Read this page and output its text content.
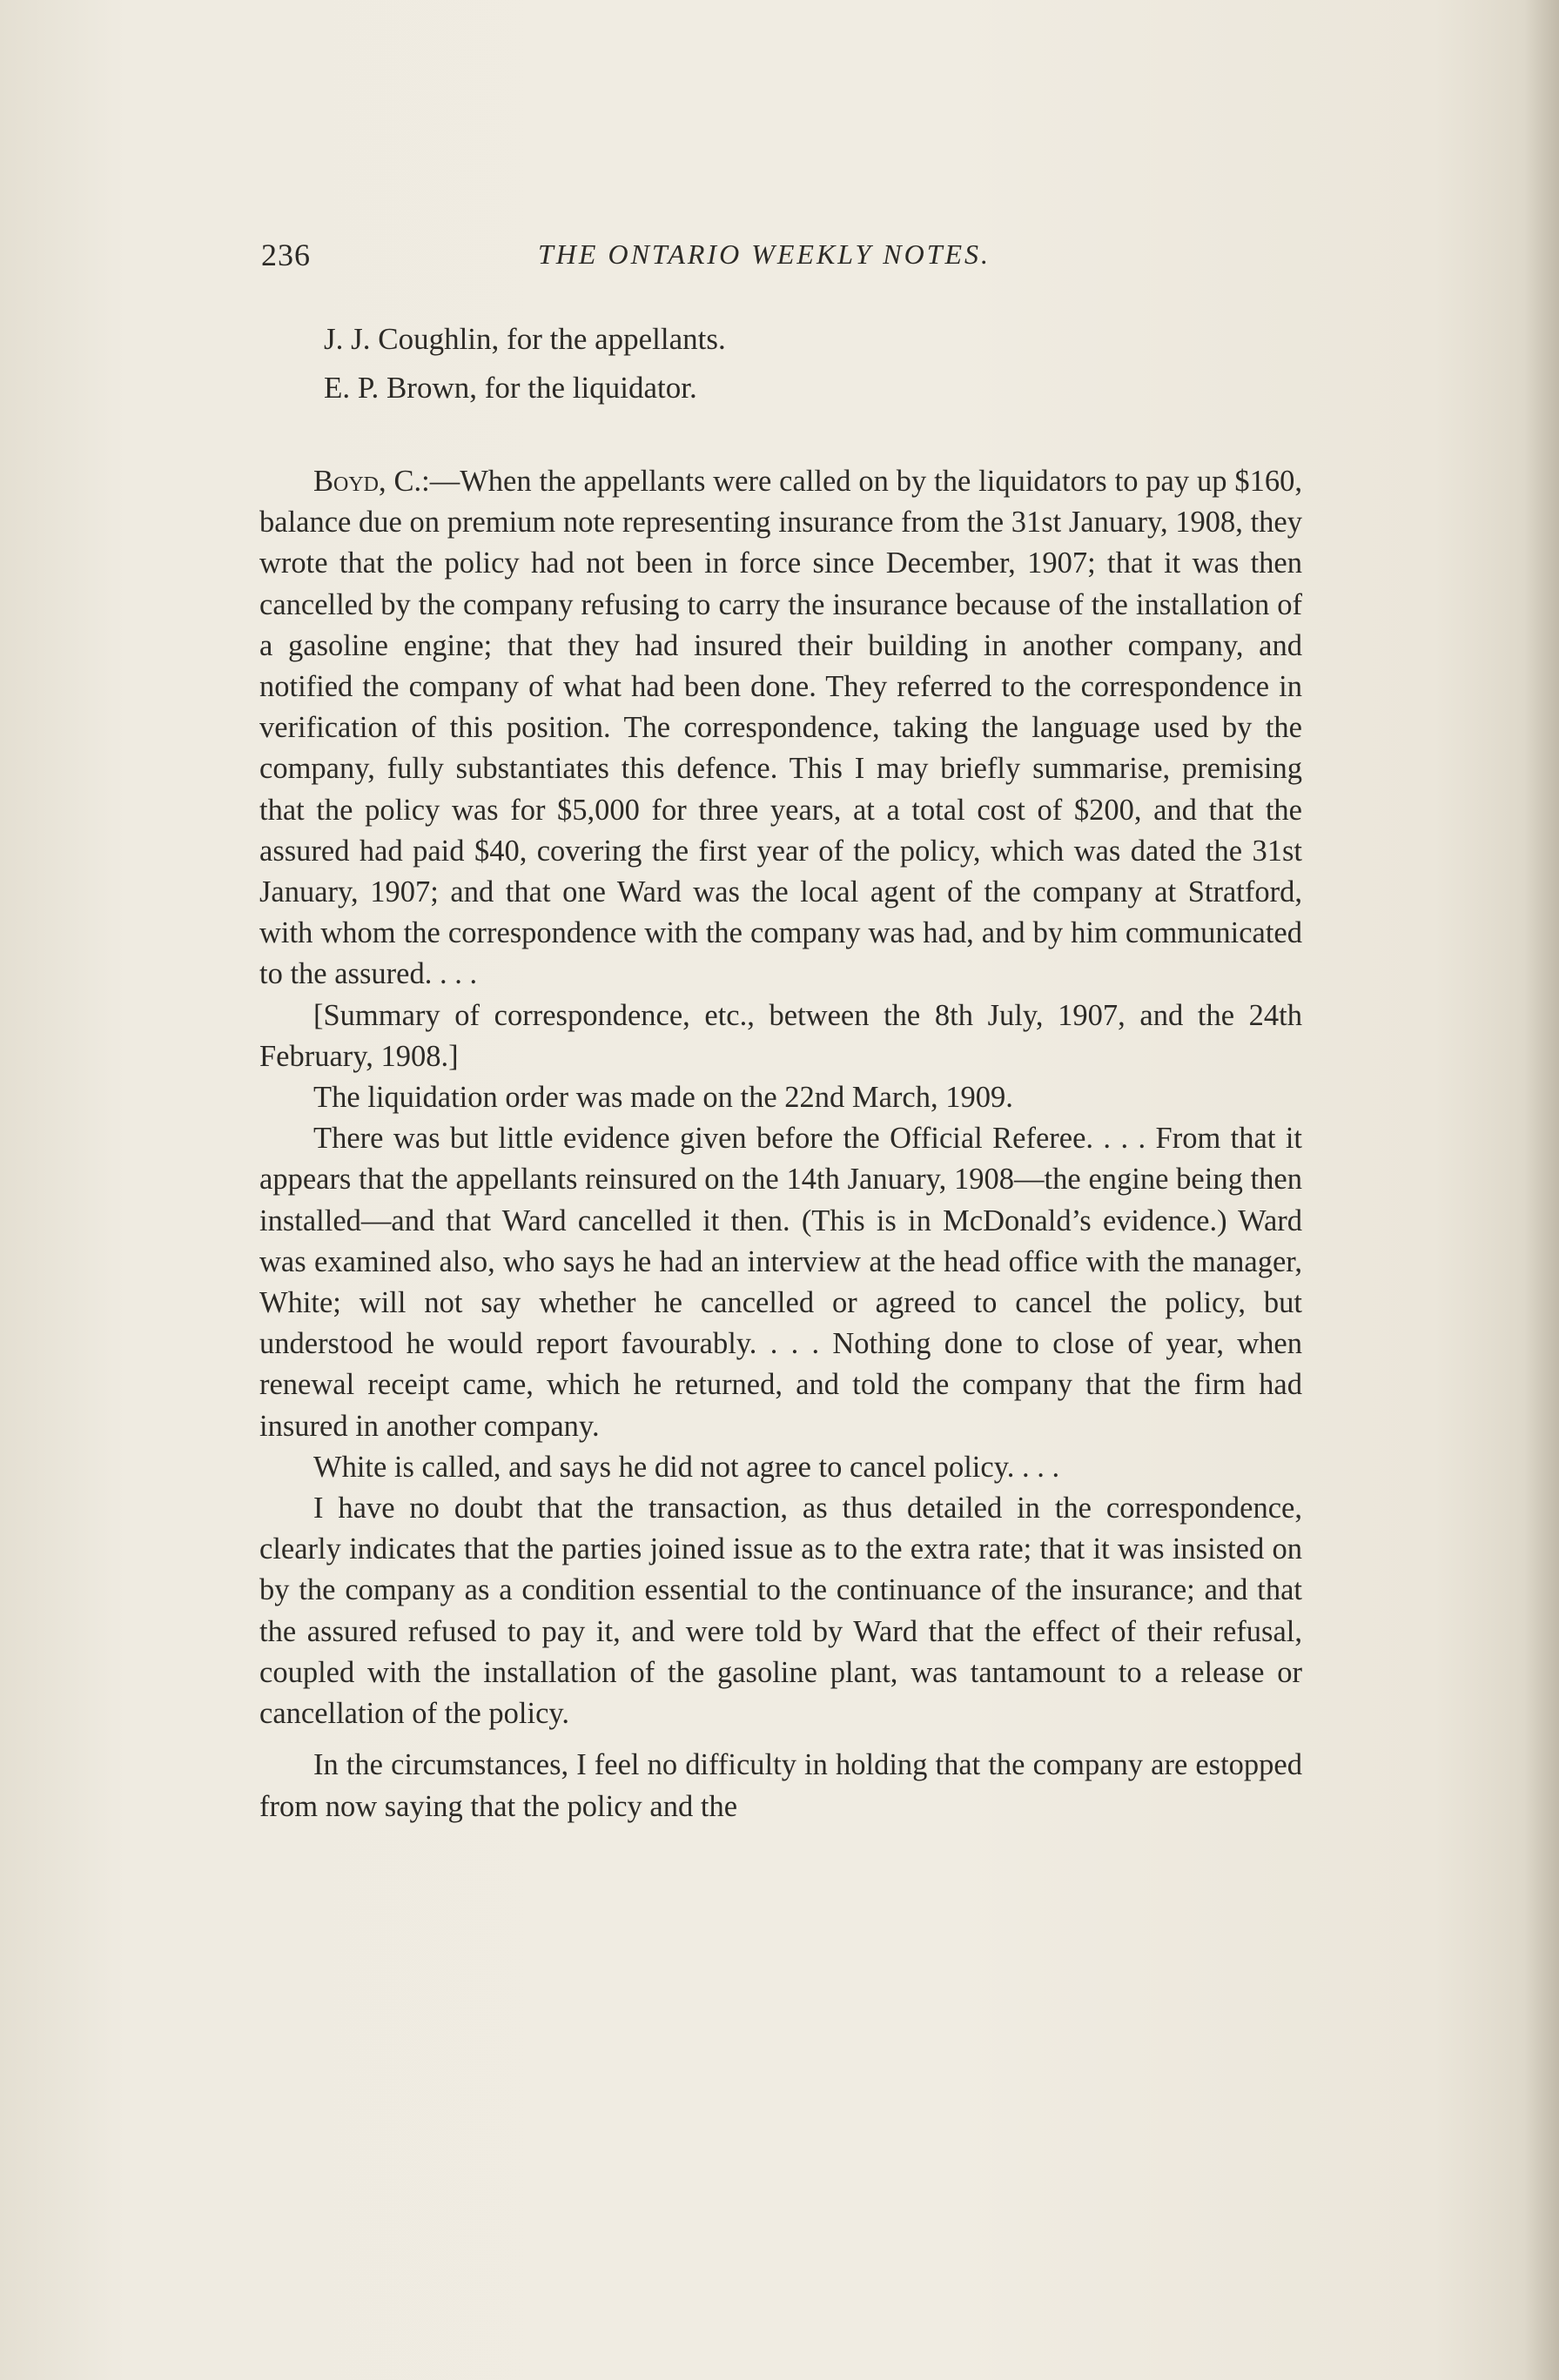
236	THE ONTARIO WEEKLY NOTES.
J. J. Coughlin, for the appellants.
E. P. Brown, for the liquidator.

Boyd, C.:—When the appellants were called on by the liquidators to pay up $160, balance due on premium note representing insurance from the 31st January, 1908, they wrote that the policy had not been in force since December, 1907; that it was then cancelled by the company refusing to carry the insurance because of the installation of a gasoline engine; that they had insured their building in another company, and notified the company of what had been done. They referred to the correspondence in verification of this position. The correspondence, taking the language used by the company, fully substantiates this defence. This I may briefly summarise, premising that the policy was for $5,000 for three years, at a total cost of $200, and that the assured had paid $40, covering the first year of the policy, which was dated the 31st January, 1907; and that one Ward was the local agent of the company at Stratford, with whom the correspondence with the company was had, and by him communicated to the assured. . . .

[Summary of correspondence, etc., between the 8th July, 1907, and the 24th February, 1908.]

The liquidation order was made on the 22nd March, 1909.

There was but little evidence given before the Official Referee. . . . From that it appears that the appellants reinsured on the 14th January, 1908—the engine being then installed—and that Ward cancelled it then. (This is in McDonald’s evidence.) Ward was examined also, who says he had an interview at the head office with the manager, White; will not say whether he cancelled or agreed to cancel the policy, but understood he would report favourably. . . . Nothing done to close of year, when renewal receipt came, which he returned, and told the company that the firm had insured in another company.

White is called, and says he did not agree to cancel policy. . . .

I have no doubt that the transaction, as thus detailed in the correspondence, clearly indicates that the parties joined issue as to the extra rate; that it was insisted on by the company as a condition essential to the continuance of the insurance; and that the assured refused to pay it, and were told by Ward that the effect of their refusal, coupled with the installation of the gasoline plant, was tantamount to a release or cancellation of the policy.

In the circumstances, I feel no difficulty in holding that the company are estopped from now saying that the policy and the
